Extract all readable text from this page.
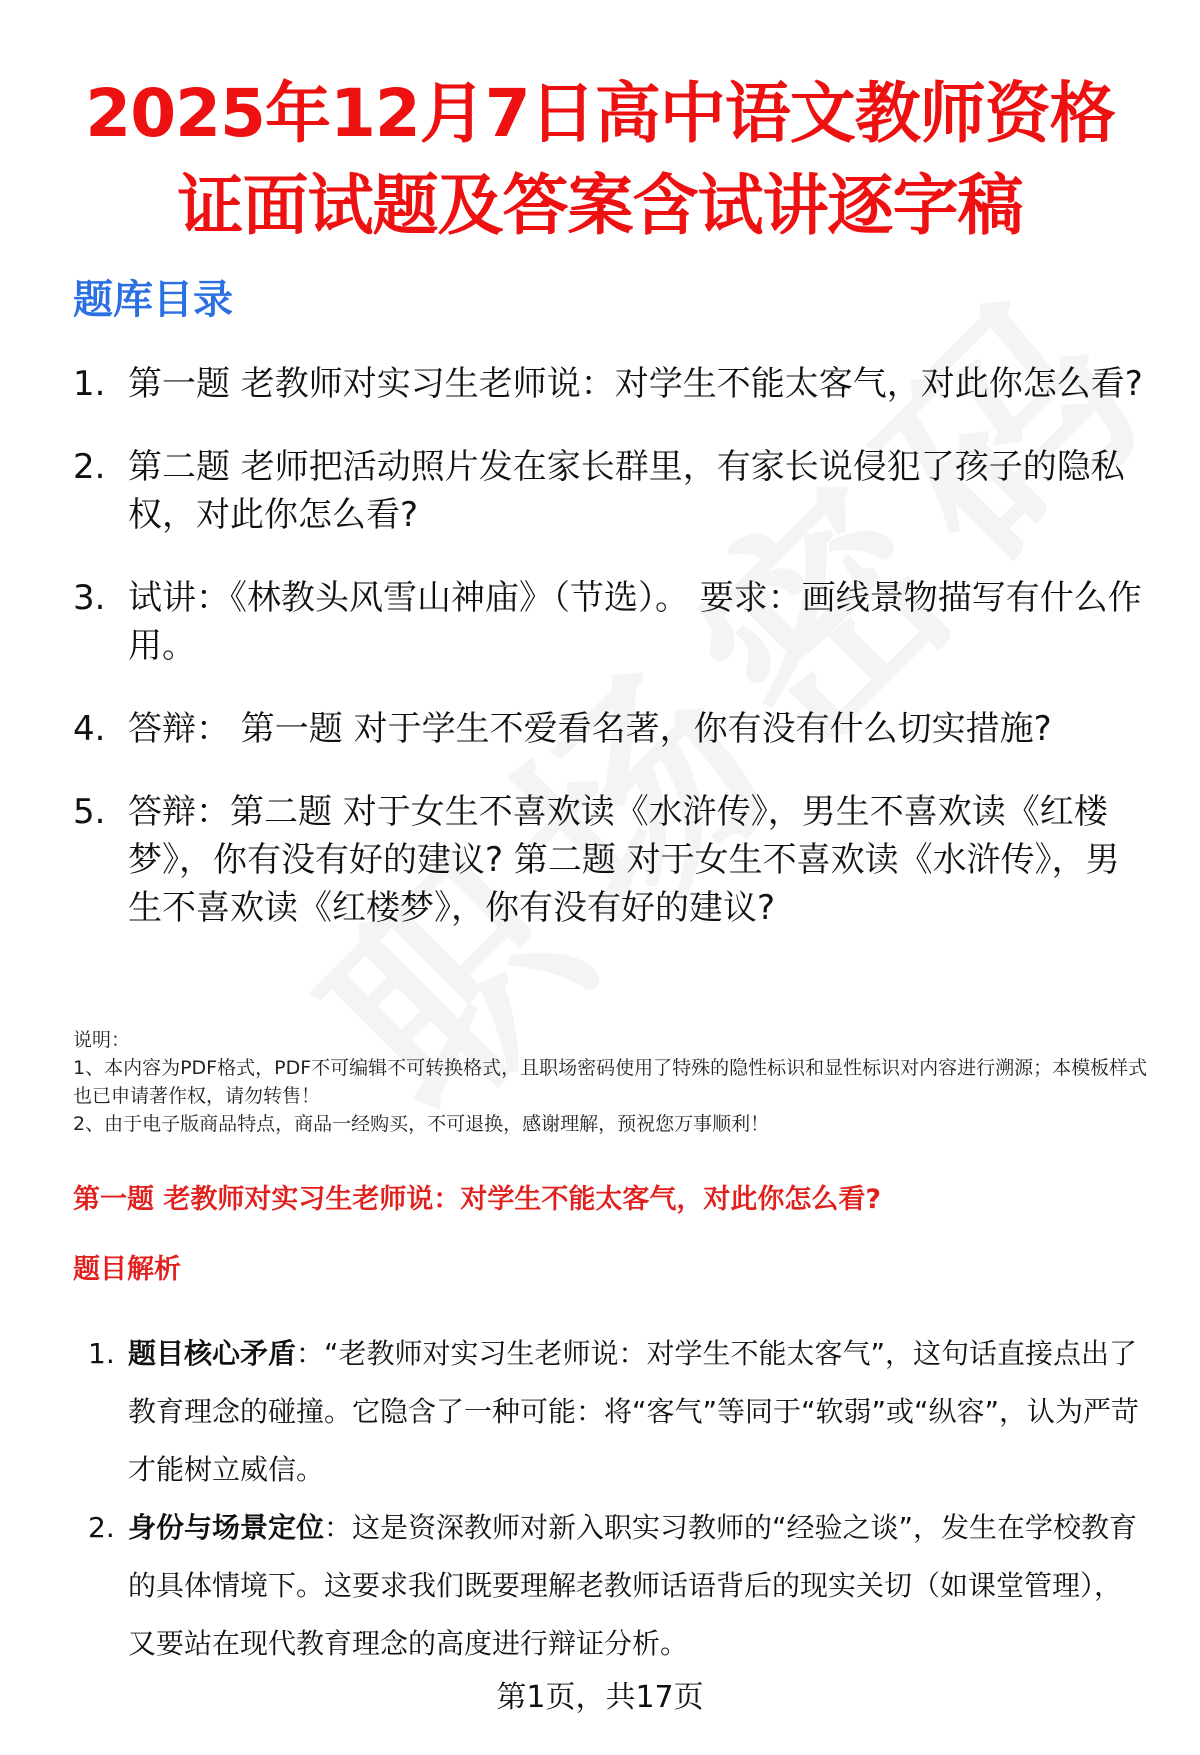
2025年12月7日高中语文教师资格
证面试题及答案含试讲逐字稿
题库目录
1. 第一题 老教师对实习生老师说：对学生不能太客气，对此你怎么看?
2. 第二题 老师把活动照片发在家长群里，有家长说侵犯了孩子的隐私权，对此你怎么看?
3. 试讲：《林教头风雪山神庙》（节选）。 要求：画线景物描写有什么作用。
4. 答辩： 第一题 对于学生不爱看名著，你有没有什么切实措施?
5. 答辩：第二题 对于女生不喜欢读《水浒传》，男生不喜欢读《红楼梦》，你有没有好的建议? 第二题 对于女生不喜欢读《水浒传》，男生不喜欢读《红楼梦》，你有没有好的建议?
说明：
1、本内容为PDF格式，PDF不可编辑不可转换格式，且职场密码使用了特殊的隐性标识和显性标识对内容进行溯源；本模板样式也已申请著作权，请勿转售！
2、由于电子版商品特点，商品一经购买，不可退换，感谢理解，预祝您万事顺利！
第一题 老教师对实习生老师说：对学生不能太客气，对此你怎么看?
题目解析
1. 题目核心矛盾：“老教师对实习生老师说：对学生不能太客气”，这句话直接点出了教育理念的碰撞。它隐含了一种可能：将“客气”等同于“软弱”或“纵容”，认为严苛才能树立威信。
2. 身份与场景定位：这是资深教师对新入职实习教师的“经验之谈”，发生在学校教育的具体情境下。这要求我们既要理解老教师话语背后的现实关切（如课堂管理），又要站在现代教育理念的高度进行辩证分析。
第1页，共17页
